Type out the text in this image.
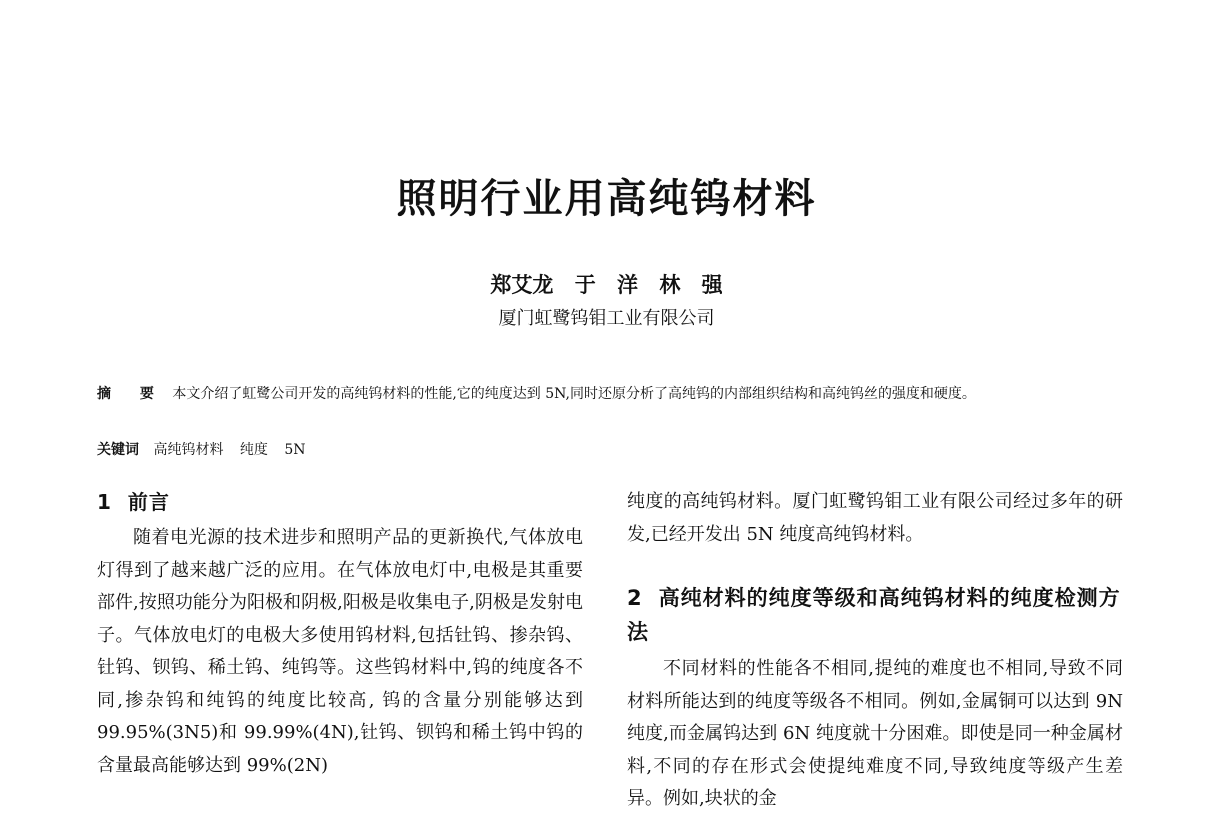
照明行业用高纯钨材料
郑艾龙 于 洋 林 强
厦门虹鹭钨钼工业有限公司
摘 要 本文介绍了虹鹭公司开发的高纯钨材料的性能,它的纯度达到 5N,同时还原分析了高纯钨的内部组织结构和高纯钨丝的强度和硬度。
关键词 高纯钨材料 纯度 5N
1 前言

随着电光源的技术进步和照明产品的更新换代,气体放电灯得到了越来越广泛的应用。在气体放电灯中,电极是其重要部件,按照功能分为阳极和阴极,阳极是收集电子,阴极是发射电子。气体放电灯的电极大多使用钨材料,包括钍钨、掺杂钨、钍钨、钡钨、稀土钨、纯钨等。这些钨材料中,钨的纯度各不同,掺杂钨和纯钨的纯度比较高, 钨的含量分别能够达到 99.95%(3N5)和 99.99%(4N),钍钨、钡钨和稀土钨中钨的含量最高能够达到 99%(2N)

纯度的高纯钨材料。厦门虹鹭钨钼工业有限公司经过多年的研发,已经开发出 5N 纯度高纯钨材料。

2 高纯材料的纯度等级和高纯钨材料的纯度检测方法

不同材料的性能各不相同,提纯的难度也不相同,导致不同材料所能达到的纯度等级各不相同。例如,金属铜可以达到 9N 纯度,而金属钨达到 6N 纯度就十分困难。即使是同一种金属材料,不同的存在形式会使提纯难度不同,导致纯度等级产生差异。例如,块状的金
